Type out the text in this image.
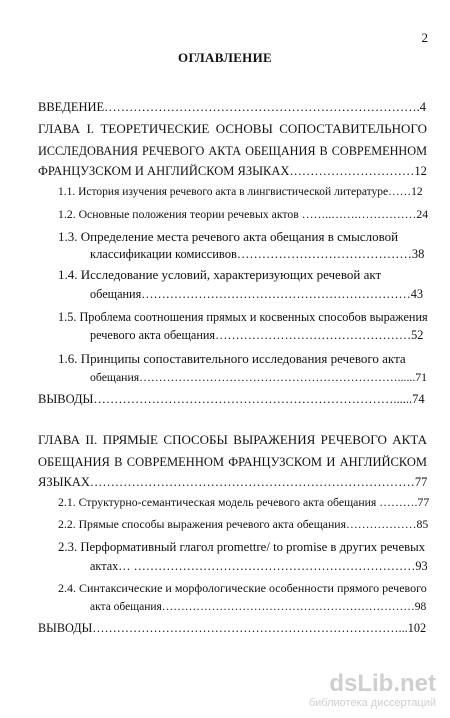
2
ОГЛАВЛЕНИЕ
ВВЕДЕНИЕ………………………………………………………………….4
ГЛАВА I. ТЕОРЕТИЧЕСКИЕ ОСНОВЫ СОПОСТАВИТЕЛЬНОГО
ИССЛЕДОВАНИЯ РЕЧЕВОГО АКТА ОБЕЩАНИЯ В СОВРЕМЕННОМ
ФРАНЦУЗСКОМ И АНГЛИЙСКОМ ЯЗЫКАХ…………………………12
1.1. История изучения речевого акта в лингвистической литературе……12
1.2. Основные положения теории речевых актов ……..…….……………24
1.3. Определение места речевого акта обещания в смысловой
классификации комиссивов……………………………………38
1.4. Исследование условий, характеризующих речевой акт
обещания…………………………………………………………43
1.5. Проблема соотношения прямых и косвенных способов выражения
речевого акта обещания…………………………………………52
1.6. Принципы сопоставительного исследования речевого акта
обещания…………………………………………………………......71
ВЫВОДЫ………………………………………………………………......74
ГЛАВА II. ПРЯМЫЕ СПОСОБЫ ВЫРАЖЕНИЯ РЕЧЕВОГО АКТА
ОБЕЩАНИЯ В СОВРЕМЕННОМ ФРАНЦУЗСКОМ И АНГЛИЙСКОМ
ЯЗЫКАХ……………………………………………………………………77
2.1. Структурно-семантическая модель речевого акта обещания ……….77
2.2. Прямые способы выражения речевого акта обещания………………85
2.3. Перформативный глагол promettre/ to promise в других речевых
актах… ……………………………………………………………93
2.4. Синтаксические и морфологические особенности прямого речевого
акта обещания…………………………………………………………98
ВЫВОДЫ…………………………………………………………………...102
dsLib.net
библиотека диссертаций
